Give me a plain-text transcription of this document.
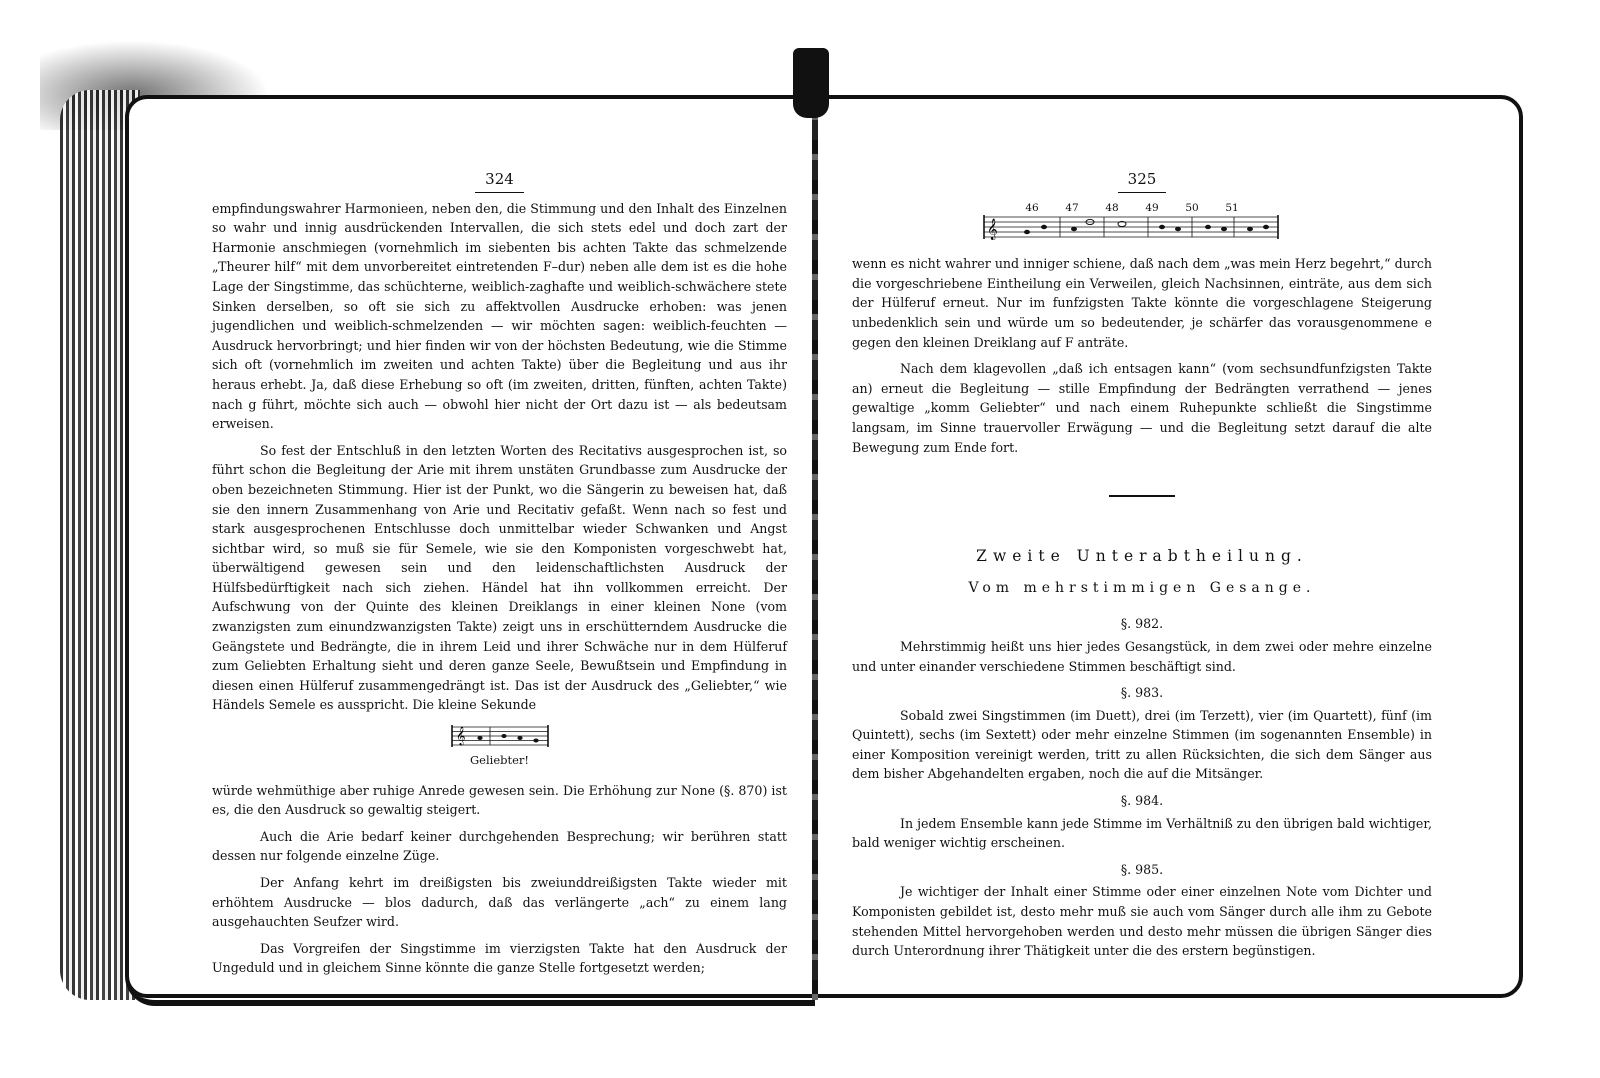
324

empfindungswahrer Harmonieen, neben den, die Stimmung und den Inhalt des Einzelnen so wahr und innig ausdrückenden Intervallen, die sich stets edel und doch zart der Harmonie anschmiegen (vornehmlich im siebenten bis achten Takte das schmelzende „Theurer hilf“ mit dem unvorbereitet eintretenden F–dur) neben alle dem ist es die hohe Lage der Singstimme, das schüchterne, weiblich-zaghafte und weiblich-schwächere stete Sinken derselben, so oft sie sich zu affektvollen Ausdrucke erhoben: was jenen jugendlichen und weiblich-schmelzenden — wir möchten sagen: weiblich-feuchten — Ausdruck hervorbringt; und hier finden wir von der höchsten Bedeutung, wie die Stimme sich oft (vornehmlich im zweiten und achten Takte) über die Begleitung und aus ihr heraus erhebt. Ja, daß diese Erhebung so oft (im zweiten, dritten, fünften, achten Takte) nach g führt, möchte sich auch — obwohl hier nicht der Ort dazu ist — als bedeutsam erweisen.

So fest der Entschluß in den letzten Worten des Recitativs ausgesprochen ist, so führt schon die Begleitung der Arie mit ihrem unstäten Grundbasse zum Ausdrucke der oben bezeichneten Stimmung. Hier ist der Punkt, wo die Sängerin zu beweisen hat, daß sie den innern Zusammenhang von Arie und Recitativ gefaßt. Wenn nach so fest und stark ausgesprochenen Entschlusse doch unmittelbar wieder Schwanken und Angst sichtbar wird, so muß sie für Semele, wie sie den Komponisten vorgeschwebt hat, überwältigend gewesen sein und den leidenschaftlichsten Ausdruck der Hülfsbedürftigkeit nach sich ziehen. Händel hat ihn vollkommen erreicht. Der Aufschwung von der Quinte des kleinen Dreiklangs in einer kleinen None (vom zwanzigsten zum einundzwanzigsten Takte) zeigt uns in erschütterndem Ausdrucke die Geängstete und Bedrängte, die in ihrem Leid und ihrer Schwäche nur in dem Hülferuf zum Geliebten Erhaltung sieht und deren ganze Seele, Bewußtsein und Empfindung in diesen einen Hülferuf zusammengedrängt ist. Das ist der Ausdruck des „Geliebter,“ wie Händels Semele es ausspricht. Die kleine Sekunde

𝄞
Geliebter!

würde wehmüthige aber ruhige Anrede gewesen sein. Die Erhöhung zur None (§. 870) ist es, die den Ausdruck so gewaltig steigert.

Auch die Arie bedarf keiner durchgehenden Besprechung; wir berühren statt dessen nur folgende einzelne Züge.

Der Anfang kehrt im dreißigsten bis zweiunddreißigsten Takte wieder mit erhöhtem Ausdrucke — blos dadurch, daß das verlängerte „ach“ zu einem lang ausgehauchten Seufzer wird.

Das Vorgreifen der Singstimme im vierzigsten Takte hat den Ausdruck der Ungeduld und in gleichem Sinne könnte die ganze Stelle fortgesetzt werden;

325
46	47	48	49	50	51
𝄞

wenn es nicht wahrer und inniger schiene, daß nach dem „was mein Herz begehrt,“ durch die vorgeschriebene Eintheilung ein Verweilen, gleich Nachsinnen, einträte, aus dem sich der Hülferuf erneut. Nur im funfzigsten Takte könnte die vorgeschlagene Steigerung unbedenklich sein und würde um so bedeutender, je schärfer das vorausgenommene e gegen den kleinen Dreiklang auf F anträte.

Nach dem klagevollen „daß ich entsagen kann“ (vom sechsundfunfzigsten Takte an) erneut die Begleitung — stille Empfindung der Bedrängten verrathend — jenes gewaltige „komm Geliebter“ und nach einem Ruhepunkte schließt die Singstimme langsam, im Sinne trauervoller Erwägung — und die Begleitung setzt darauf die alte Bewegung zum Ende fort.

Zweite Unterabtheilung.
Vom mehrstimmigen Gesange.
§. 982.

Mehrstimmig heißt uns hier jedes Gesangstück, in dem zwei oder mehre einzelne und unter einander verschiedene Stimmen beschäftigt sind.

§. 983.

Sobald zwei Singstimmen (im Duett), drei (im Terzett), vier (im Quartett), fünf (im Quintett), sechs (im Sextett) oder mehr einzelne Stimmen (im sogenannten Ensemble) in einer Komposition vereinigt werden, tritt zu allen Rücksichten, die sich dem Sänger aus dem bisher Abgehandelten ergaben, noch die auf die Mitsänger.

§. 984.

In jedem Ensemble kann jede Stimme im Verhältniß zu den übrigen bald wichtiger, bald weniger wichtig erscheinen.

§. 985.

Je wichtiger der Inhalt einer Stimme oder einer einzelnen Note vom Dichter und Komponisten gebildet ist, desto mehr muß sie auch vom Sänger durch alle ihm zu Gebote stehenden Mittel hervorgehoben werden und desto mehr müssen die übrigen Sänger dies durch Unterordnung ihrer Thätigkeit unter die des erstern begünstigen.
